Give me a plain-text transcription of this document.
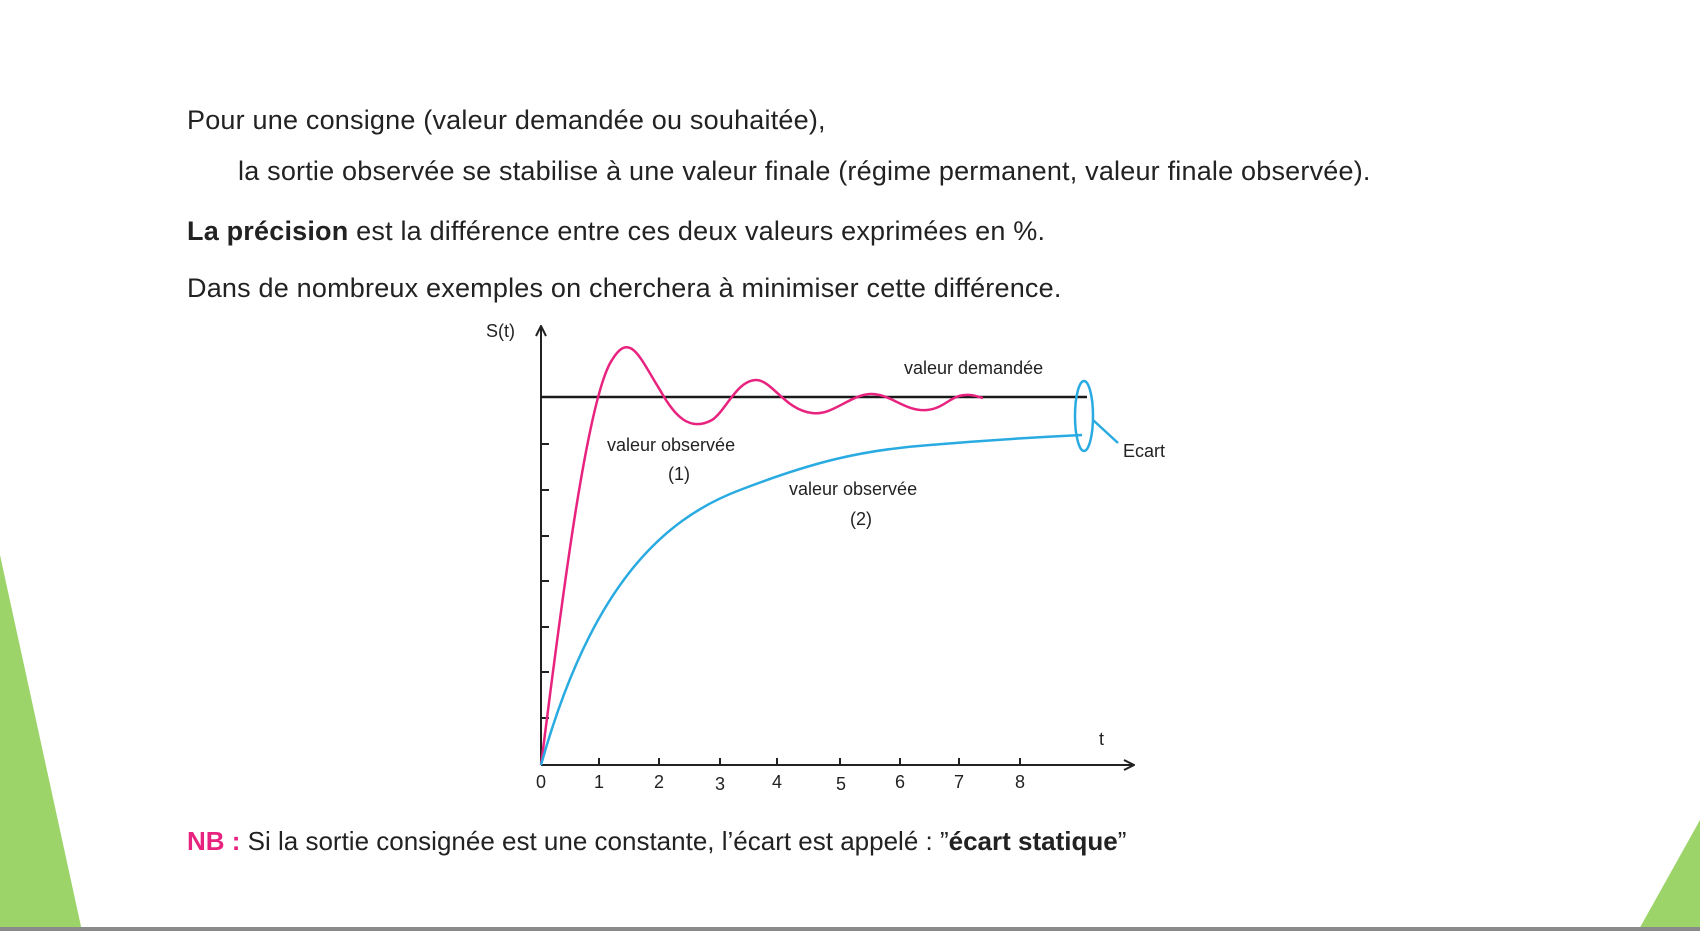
Pour une consigne (valeur demandée ou souhaitée),
la sortie observée se stabilise à une valeur finale (régime permanent, valeur finale observée).
La précision est la différence entre ces deux valeurs exprimées en %.
Dans de nombreux exemples on cherchera à minimiser cette différence.
0	1	2	3	4	5	6	7	8
S(t)
t
valeur demandée
valeur observée
(1)
valeur observée
(2)
Ecart
NB : Si la sortie consignée est une constante, l’écart est appelé : ”écart statique”
